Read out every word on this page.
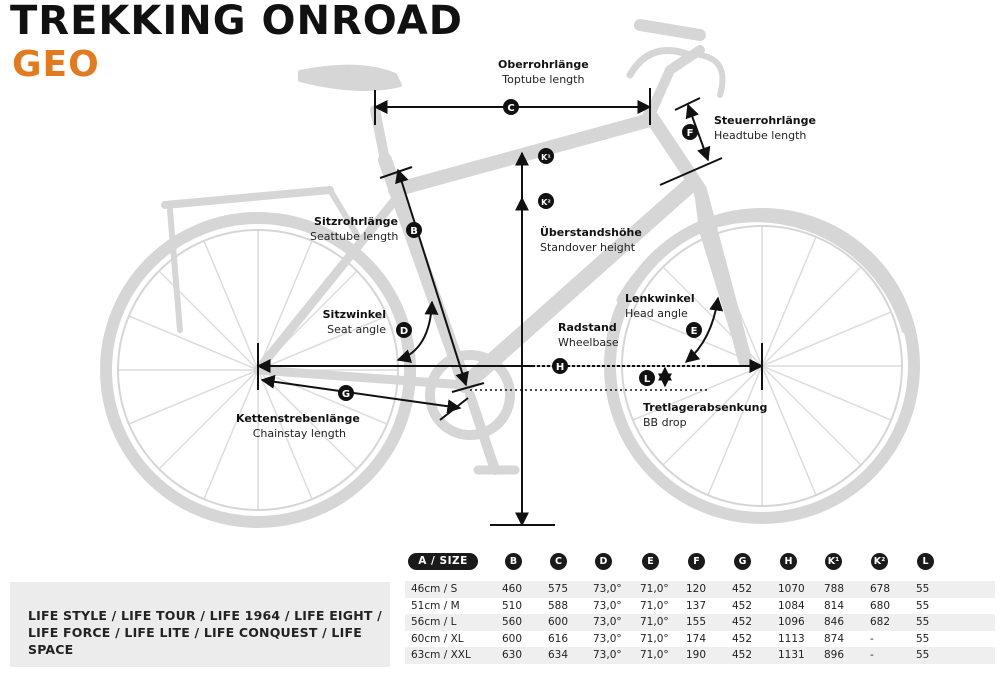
TREKKING ONROAD
GEO
C
F
B
K¹
K²
D	E
H
G
L
Oberrohrlänge
Toptube length
Steuerrohrlänge
Headtube length
Sitzrohrlänge
Seattube length	Überstandshöhe
Standover height
Sitzwinkel
Seat angle
Lenkwinkel
Head angle
Radstand
Wheelbase
Kettenstrebenlänge
Chainstay length
Tretlagerabsenkung
BB drop
LIFE STYLE / LIFE TOUR / LIFE 1964 / LIFE EIGHT / LIFE FORCE / LIFE LITE / LIFE CONQUEST / LIFE SPACE
A / SIZE	B	C	D	E	F	G	H	K¹	K²	L
46cm / S	460	575	73,0°	71,0°	120	452	1070	788	678	55
51cm / M	510	588	73,0°	71,0°	137	452	1084	814	680	55
56cm / L	560	600	73,0°	71,0°	155	452	1096	846	682	55
60cm / XL	600	616	73,0°	71,0°	174	452	1113	874	-	55
63cm / XXL	630	634	73,0°	71,0°	190	452	1131	896	-	55
